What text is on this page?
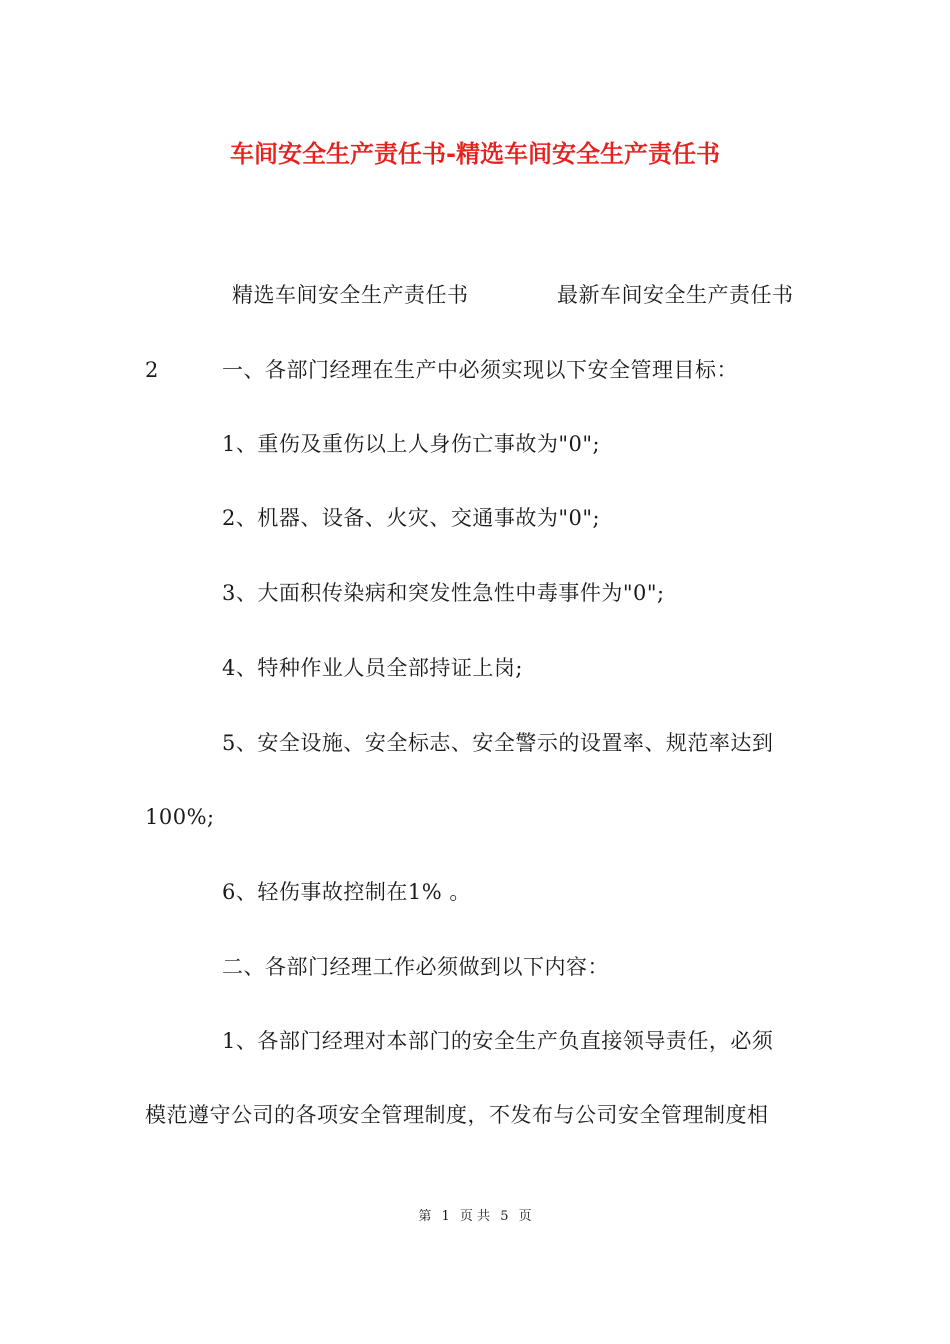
车间安全生产责任书-精选车间安全生产责任书
精选车间安全生产责任书	最新车间安全生产责任书
2	一、各部门经理在生产中必须实现以下安全管理目标：
1、重伤及重伤以上人身伤亡事故为"0";
2、机器、设备、火灾、交通事故为"0";
3、大面积传染病和突发性急性中毒事件为"0";
4、特种作业人员全部持证上岗;
5、安全设施、安全标志、安全警示的设置率、规范率达到
100%;
6、轻伤事故控制在1% 。
二、各部门经理工作必须做到以下内容：
1、各部门经理对本部门的安全生产负直接领导责任，必须
模范遵守公司的各项安全管理制度，不发布与公司安全管理制度相
第 1 页 共 5 页
